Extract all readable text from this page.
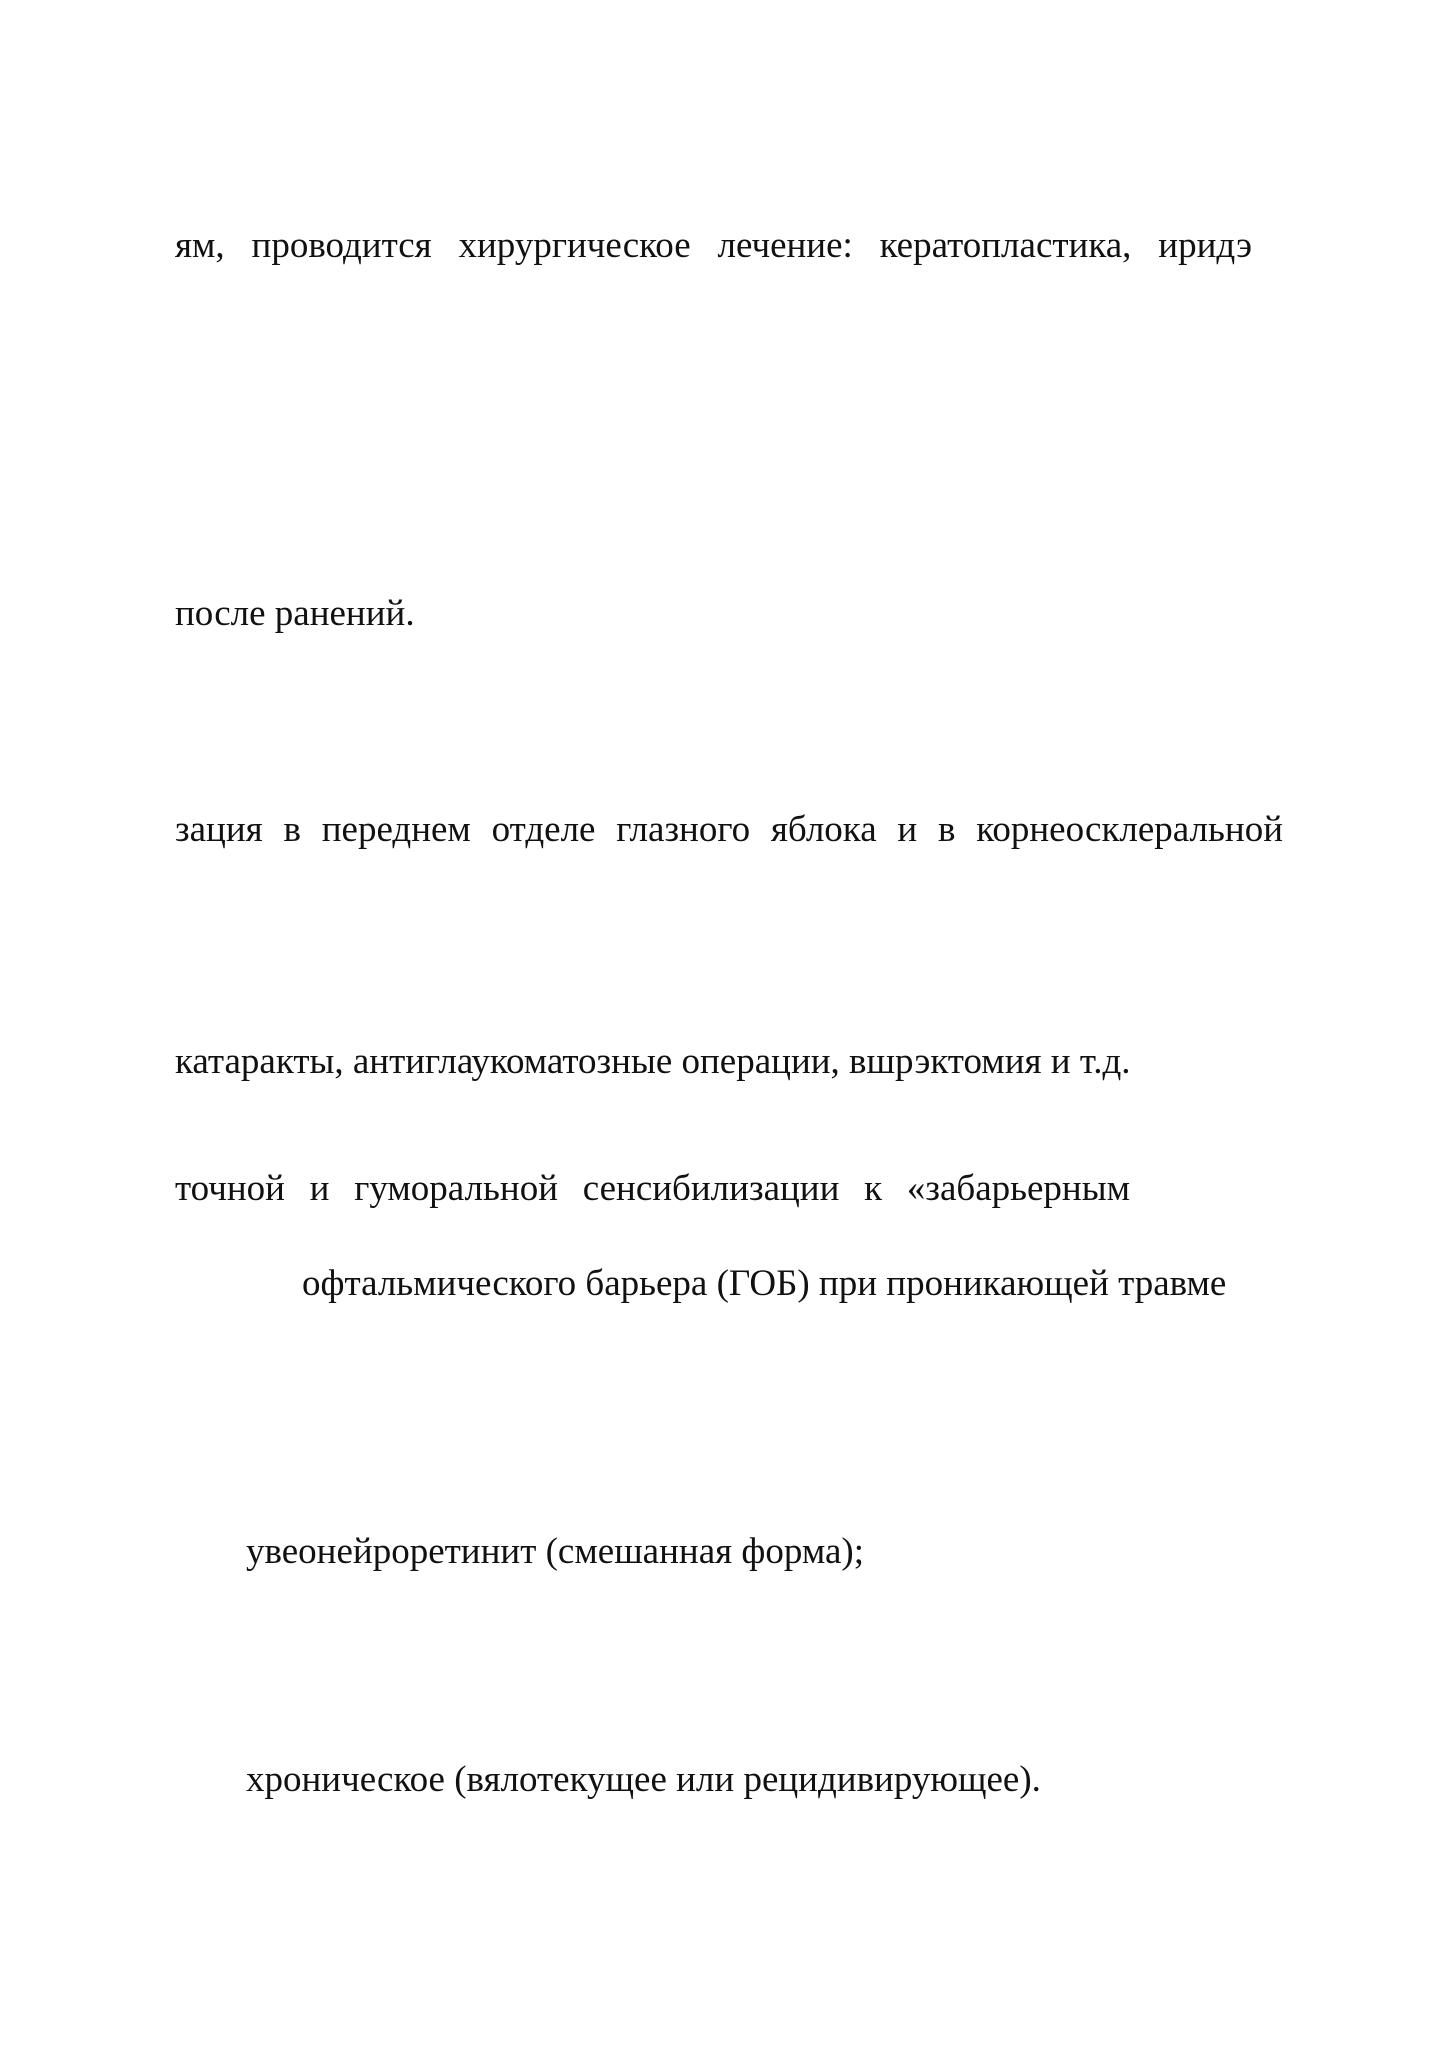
ям, проводится хирургическое лечение: кератопластика, иридэ

после ранений.

зация в переднем отделе глазного яблока и в корнеосклеральной

катаракты, антиглаукоматозные операции, вшрэктомия и т.д.

точной и гуморальной сенсибилизации к «забарьерным

офтальмического барьера (ГОБ) при проникающей травме

увеонейроретинит (смешанная форма);

хроническое (вялотекущее или рецидивирующее).
